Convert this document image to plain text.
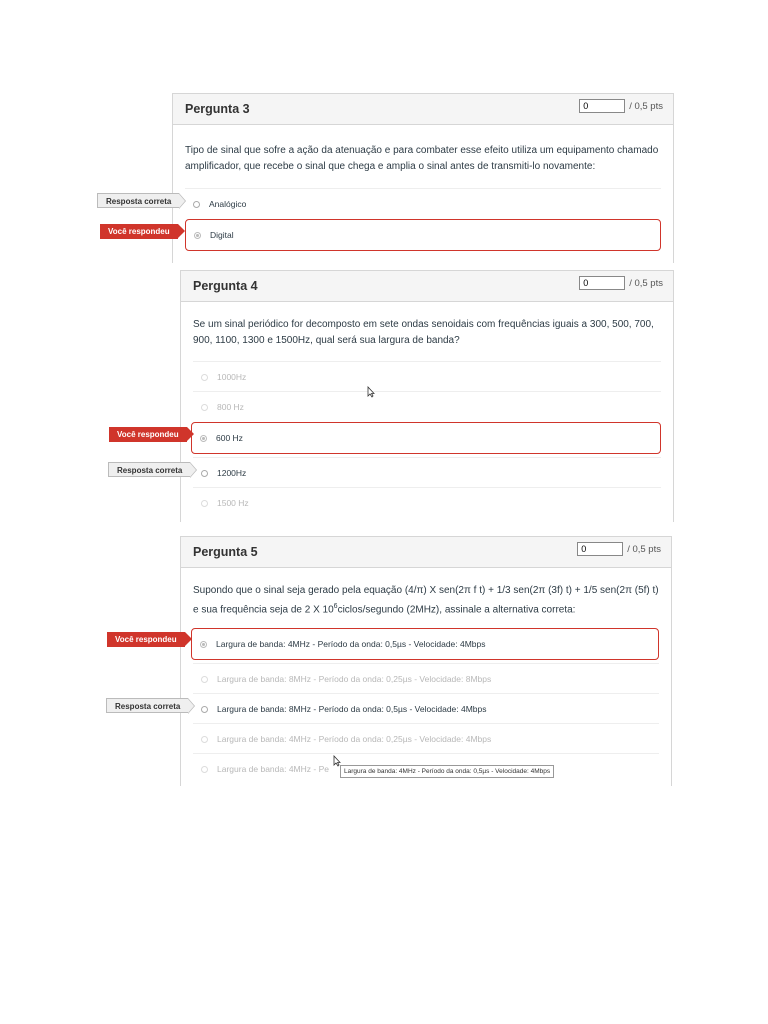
Pergunta 3
0	/ 0,5 pts
Tipo de sinal que sofre a ação da atenuação e para combater esse efeito utiliza um equipamento chamado amplificador, que recebe o sinal que chega e amplia o sinal antes de transmiti-lo novamente:
Analógico
Digital
Resposta correta
Você respondeu
Pergunta 4
0	/ 0,5 pts
Se um sinal periódico for decomposto em sete ondas senoidais com frequências iguais a 300, 500, 700, 900, 1100, 1300 e 1500Hz, qual será sua largura de banda?
1000Hz
800 Hz
600 Hz
1200Hz
1500 Hz
Você respondeu
Resposta correta
Pergunta 5
0	/ 0,5 pts
Supondo que o sinal seja gerado pela equação (4/π) X sen(2π f t) + 1/3 sen(2π (3f) t) + 1/5 sen(2π (5f) t) e sua frequência seja de 2 X $10^6ciclos$/segundo (2MHz), assinale a alternativa correta:
Largura de banda: 4MHz - Período da onda: 0,5µs - Velocidade: 4Mbps
Largura de banda: 8MHz - Período da onda: 0,25µs - Velocidade: 8Mbps
Largura de banda: 8MHz - Período da onda: 0,5µs - Velocidade: 4Mbps
Largura de banda: 4MHz - Período da onda: 0,25µs - Velocidade: 4Mbps
Largura de banda: 4MHz - Pe
Você respondeu
Resposta correta
Largura de banda: 4MHz - Período da onda: 0,5µs - Velocidade: 4Mbps
